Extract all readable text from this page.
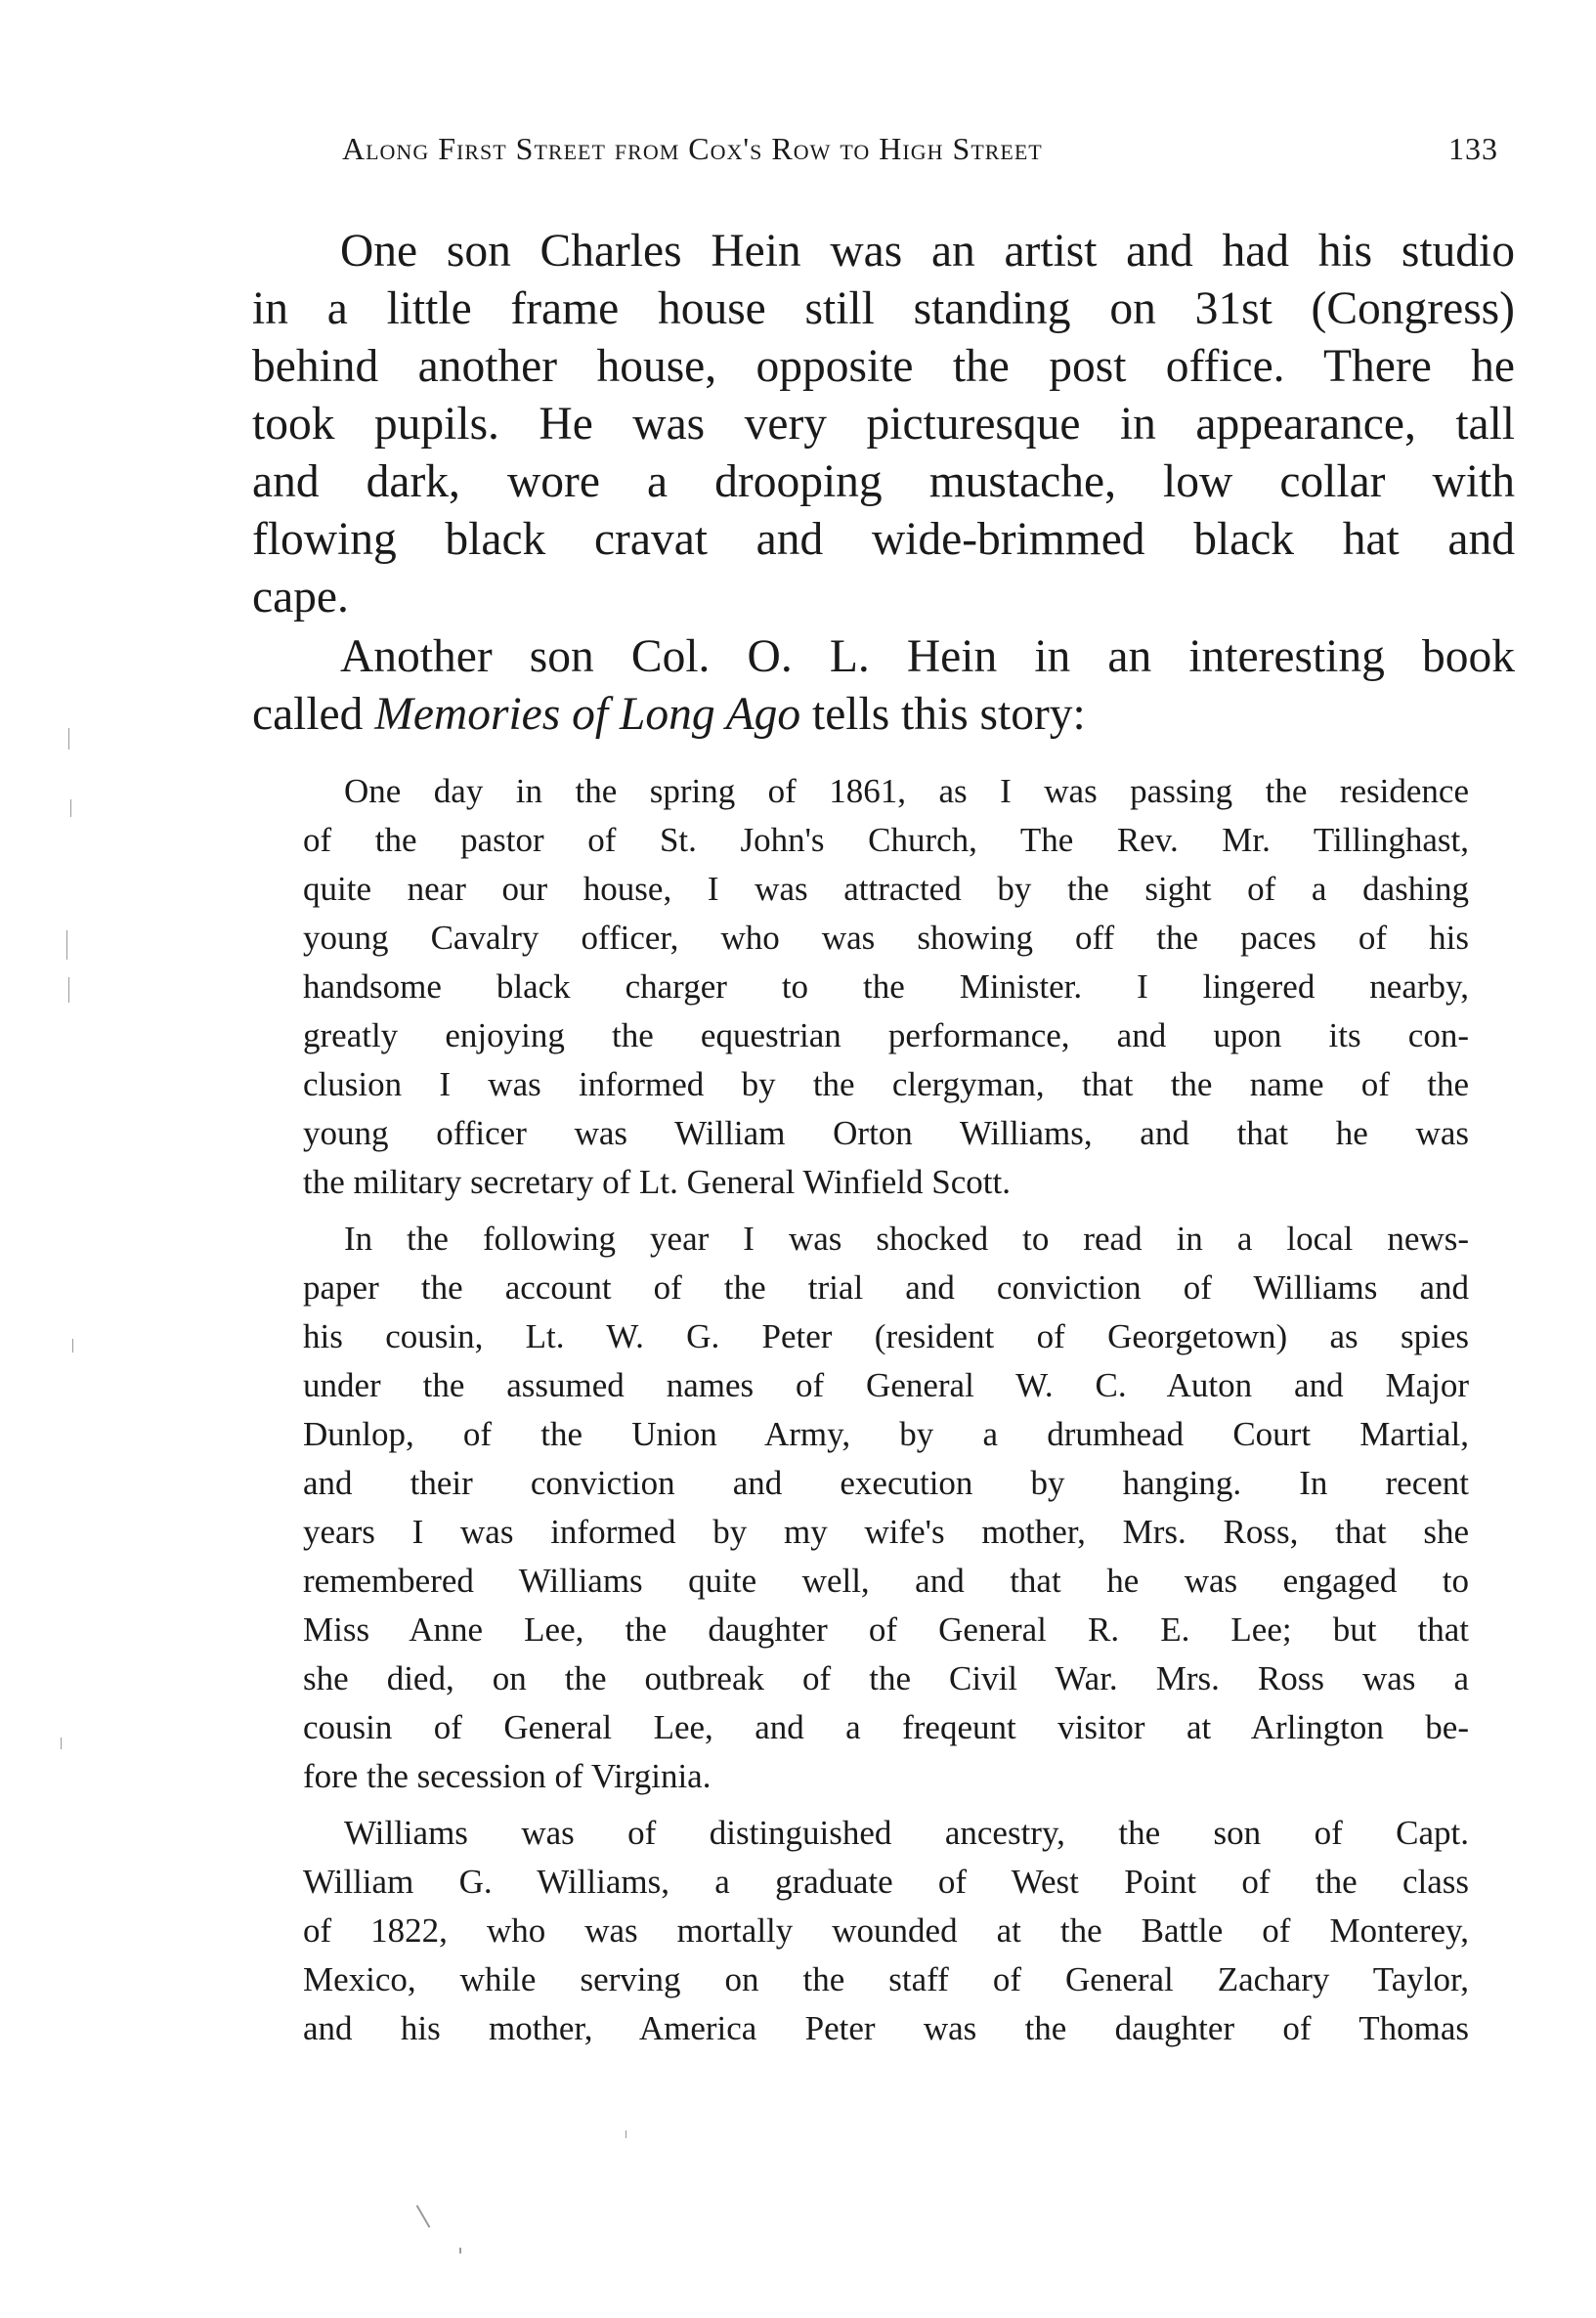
Along First Street from Cox's Row to High Street	133
One son Charles Hein was an artist and had his studio
in a little frame house still standing on 31st (Congress)
behind another house, opposite the post office. There he
took pupils. He was very picturesque in appearance, tall
and dark, wore a drooping mustache, low collar with
flowing black cravat and wide-brimmed black hat and
cape.
Another son Col. O. L. Hein in an interesting book
called Memories of Long Ago tells this story:
One day in the spring of 1861, as I was passing the residence
of the pastor of St. John's Church, The Rev. Mr. Tillinghast,
quite near our house, I was attracted by the sight of a dashing
young Cavalry officer, who was showing off the paces of his
handsome black charger to the Minister. I lingered nearby,
greatly enjoying the equestrian performance, and upon its con-
clusion I was informed by the clergyman, that the name of the
young officer was William Orton Williams, and that he was
the military secretary of Lt. General Winfield Scott.
In the following year I was shocked to read in a local news-
paper the account of the trial and conviction of Williams and
his cousin, Lt. W. G. Peter (resident of Georgetown) as spies
under the assumed names of General W. C. Auton and Major
Dunlop, of the Union Army, by a drumhead Court Martial,
and their conviction and execution by hanging. In recent
years I was informed by my wife's mother, Mrs. Ross, that she
remembered Williams quite well, and that he was engaged to
Miss Anne Lee, the daughter of General R. E. Lee; but that
she died, on the outbreak of the Civil War. Mrs. Ross was a
cousin of General Lee, and a freqeunt visitor at Arlington be-
fore the secession of Virginia.
Williams was of distinguished ancestry, the son of Capt.
William G. Williams, a graduate of West Point of the class
of 1822, who was mortally wounded at the Battle of Monterey,
Mexico, while serving on the staff of General Zachary Taylor,
and his mother, America Peter was the daughter of Thomas
